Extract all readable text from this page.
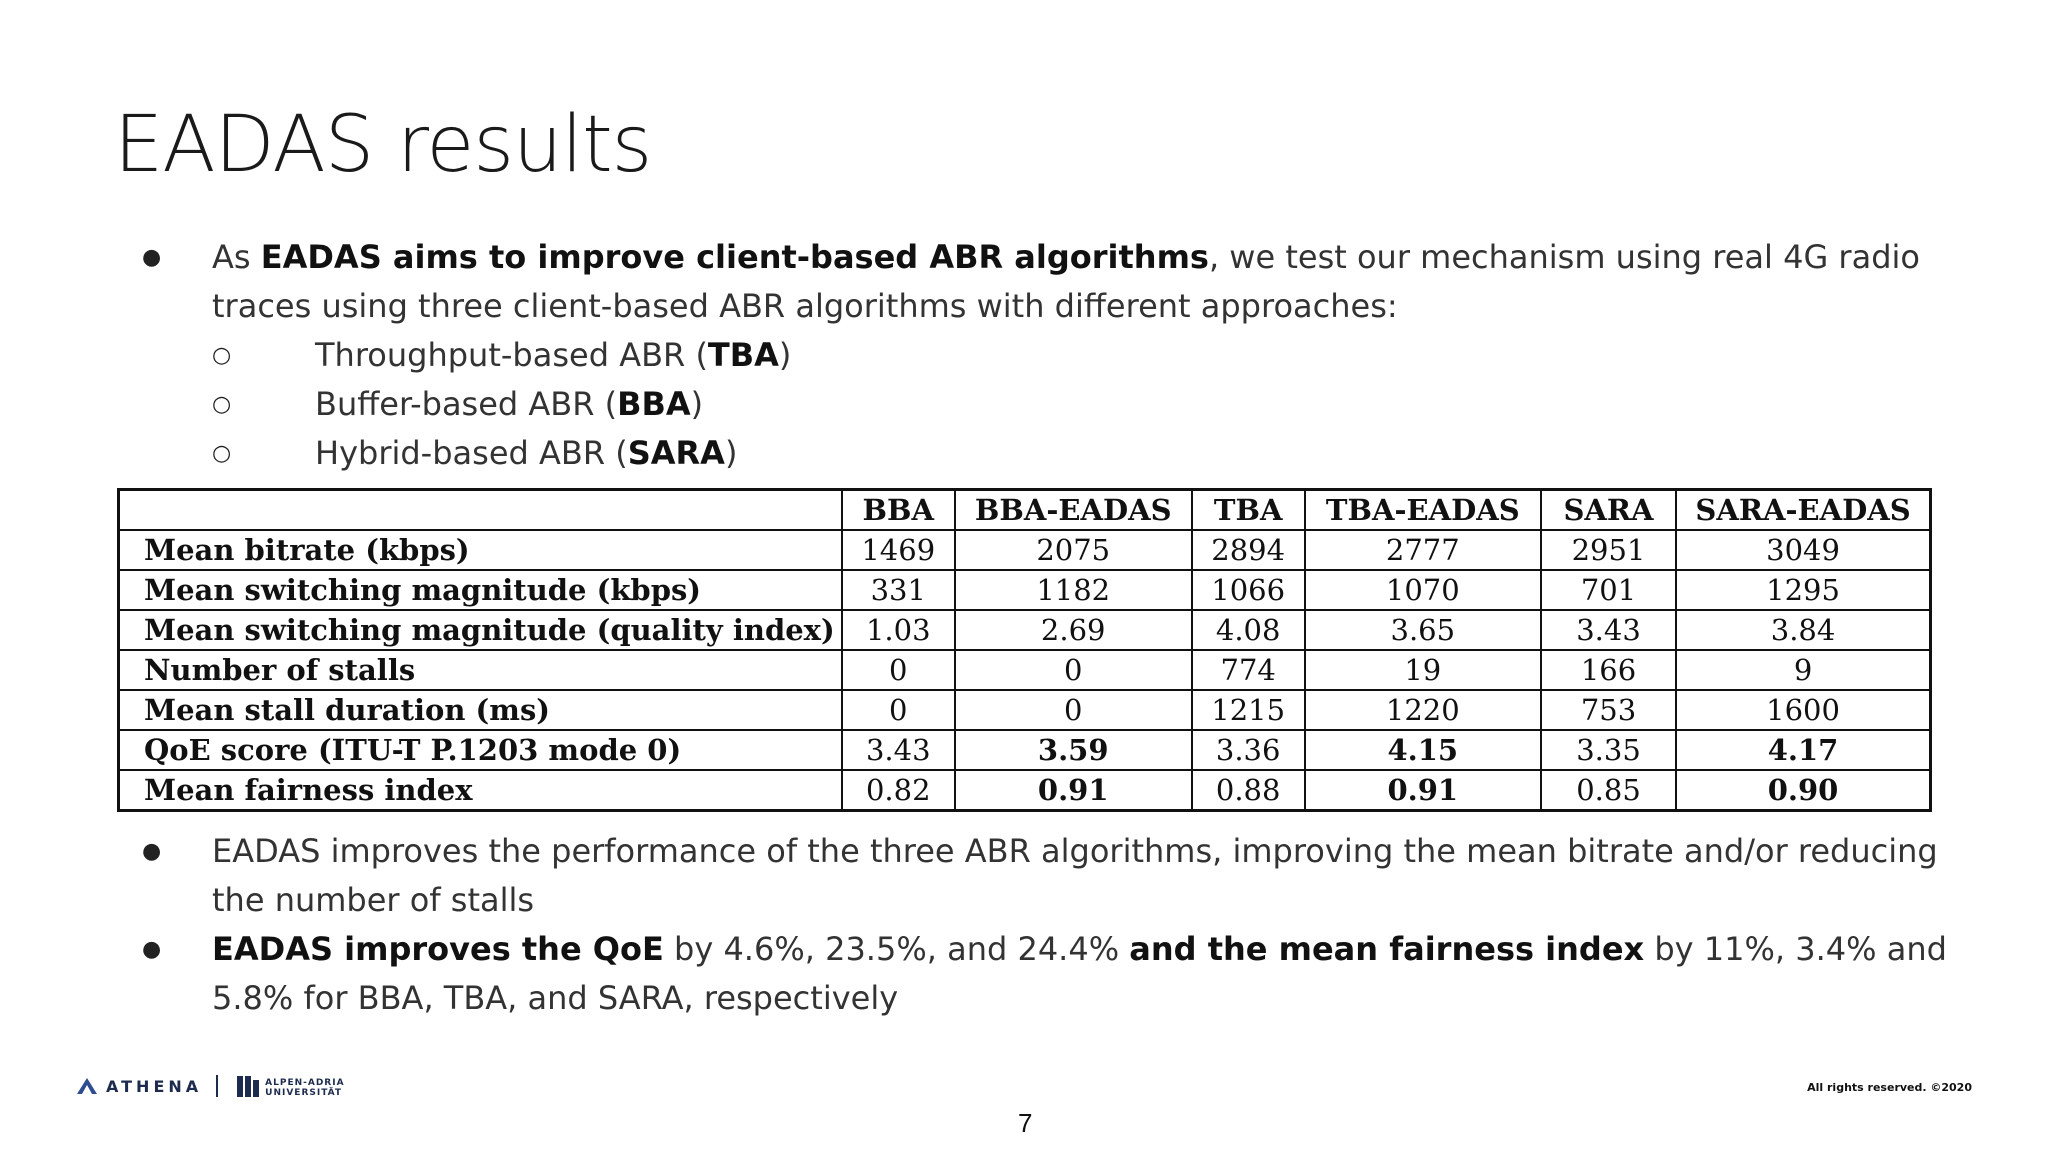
EADAS results
● As EADAS aims to improve client-based ABR algorithms, we test our mechanism using real 4G radio traces using three client-based ABR algorithms with different approaches:
○ Throughput-based ABR (TBA)
○ Buffer-based ABR (BBA)
○ Hybrid-based ABR (SARA)
	BBA	BBA-EADAS	TBA	TBA-EADAS	SARA	SARA-EADAS
Mean bitrate (kbps)	1469	2075	2894	2777	2951	3049
Mean switching magnitude (kbps)	331	1182	1066	1070	701	1295
Mean switching magnitude (quality index)	1.03	2.69	4.08	3.65	3.43	3.84
Number of stalls	0	0	774	19	166	9
Mean stall duration (ms)	0	0	1215	1220	753	1600
QoE score (ITU-T P.1203 mode 0)	3.43	3.59	3.36	4.15	3.35	4.17
Mean fairness index	0.82	0.91	0.88	0.91	0.85	0.90
● EADAS improves the performance of the three ABR algorithms, improving the mean bitrate and/or reducing the number of stalls
● EADAS improves the QoE by 4.6%, 23.5%, and 24.4% and the mean fairness index by 11%, 3.4% and 5.8% for BBA, TBA, and SARA, respectively
ATHENA	ALPEN-ADRIA
UNIVERSITÄT	All rights reserved. ©2020
7
